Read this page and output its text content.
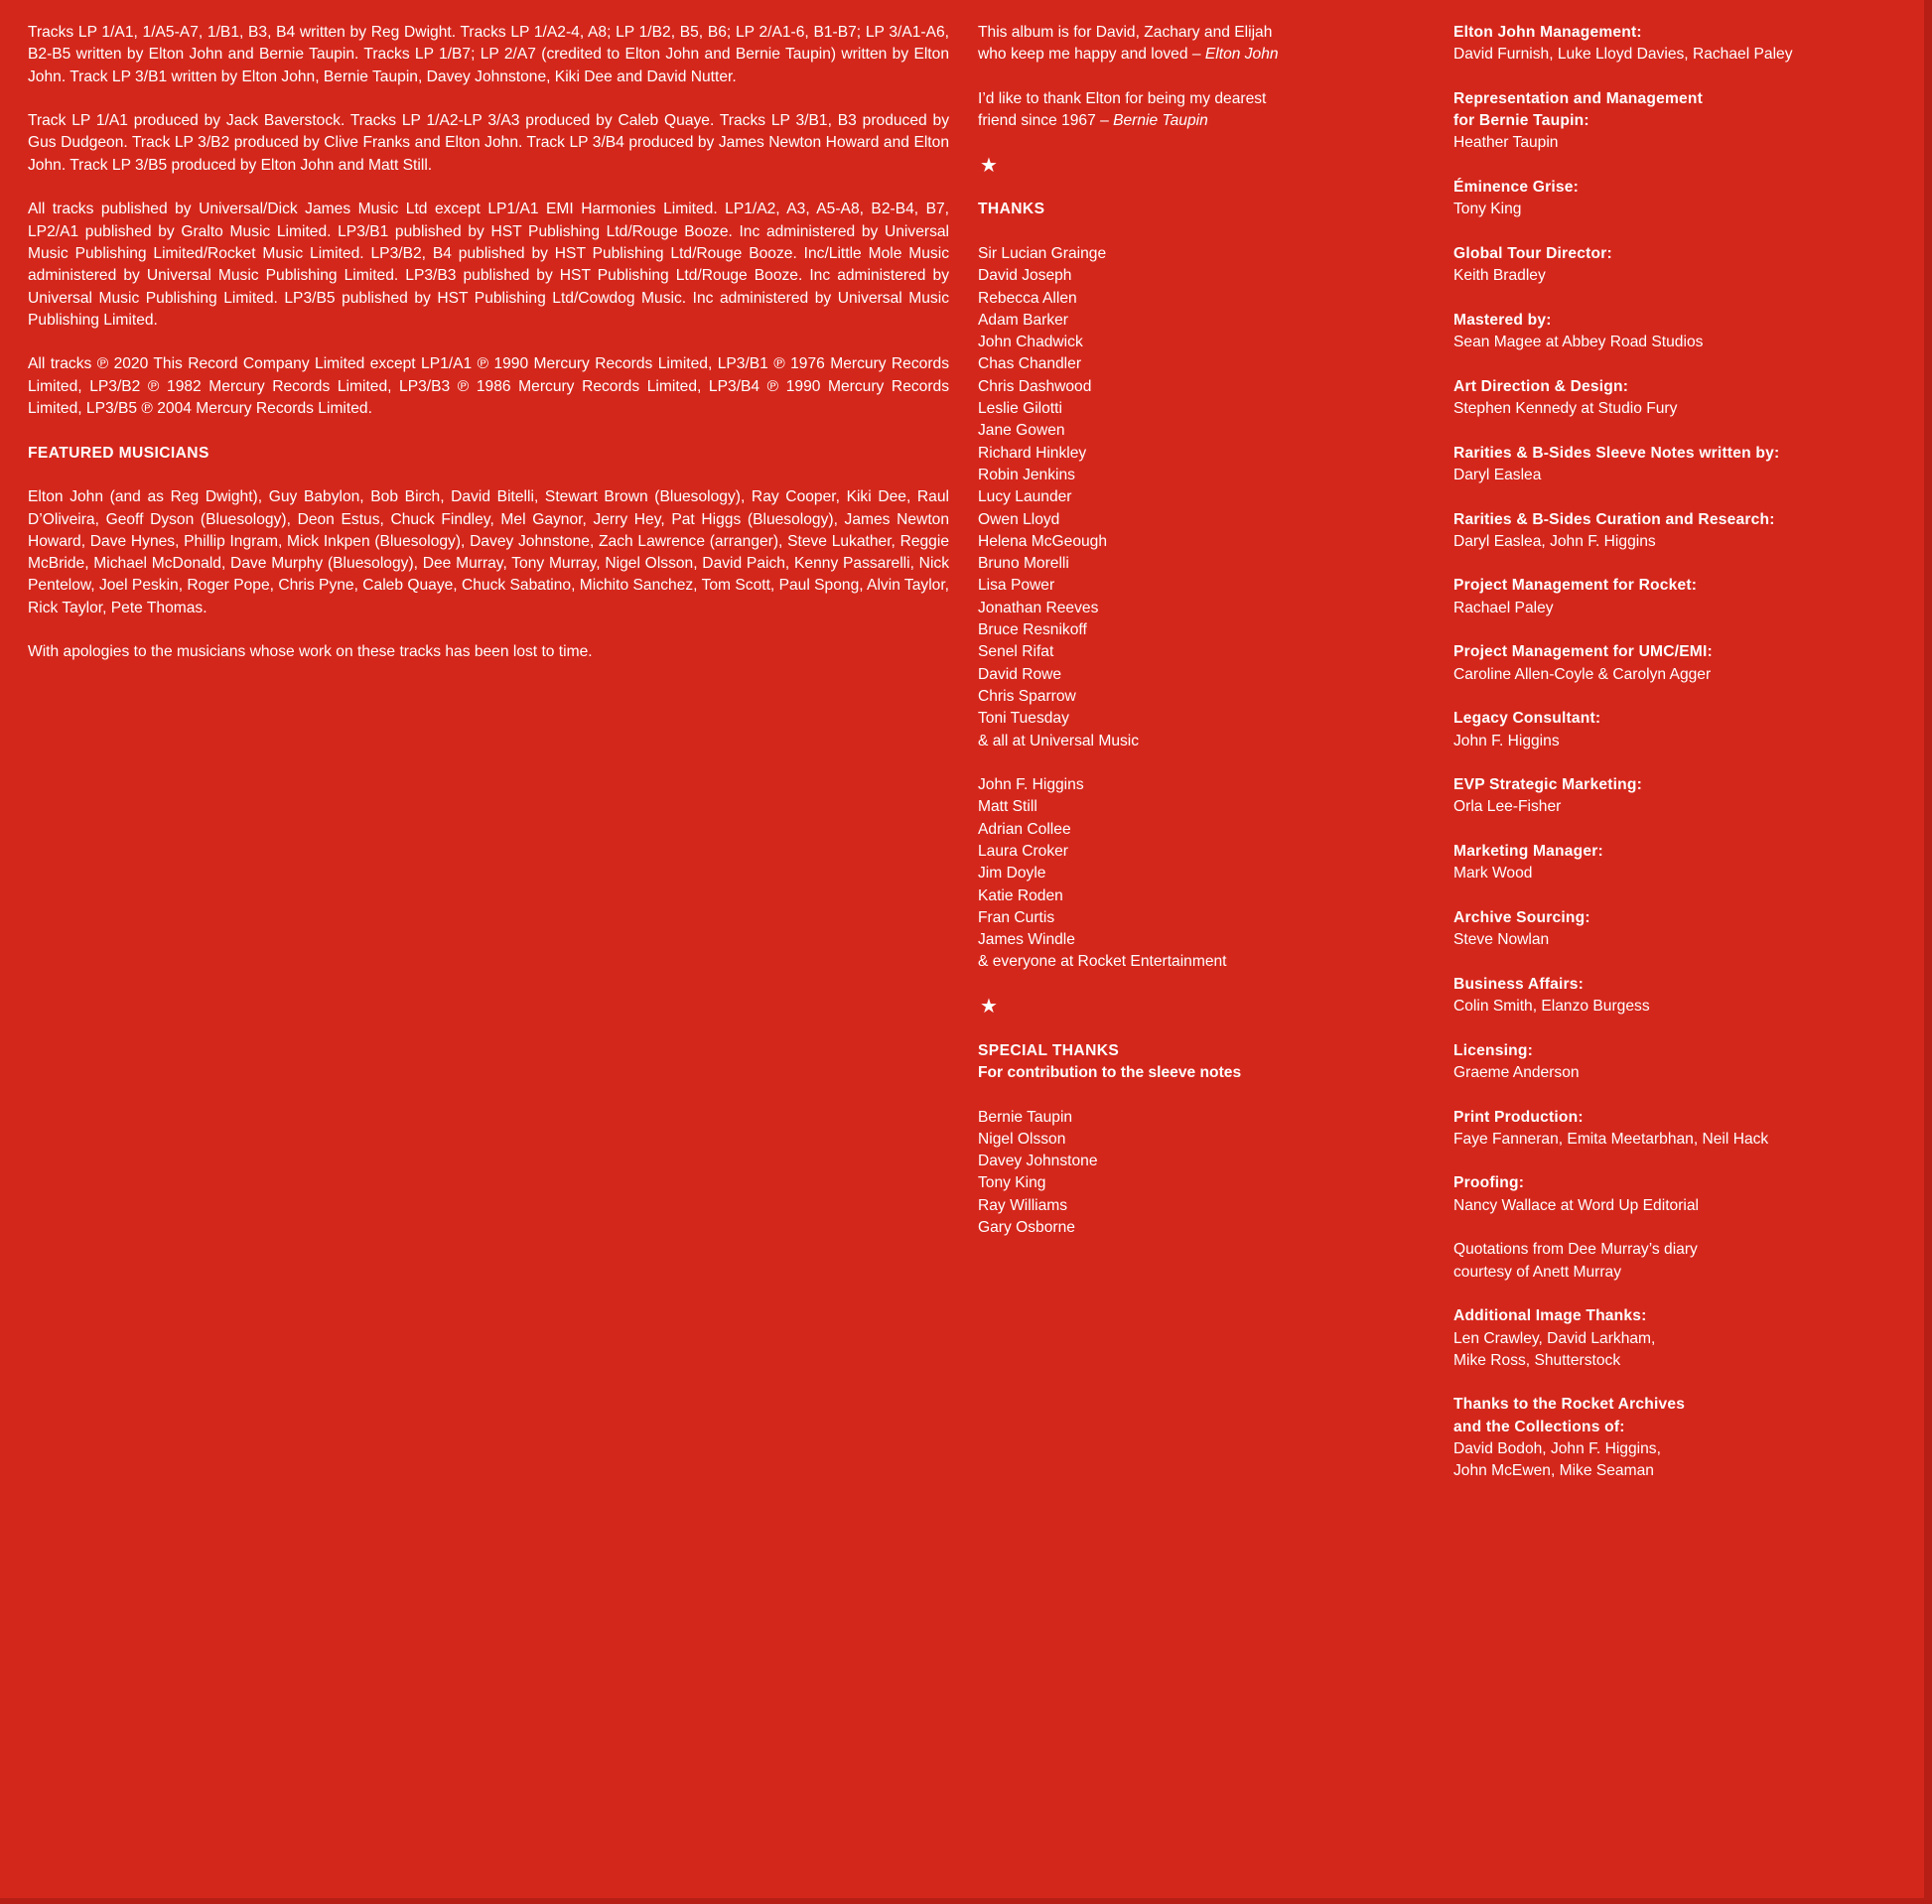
Tracks LP 1/A1, 1/A5-A7, 1/B1, B3, B4 written by Reg Dwight. Tracks LP 1/A2-4, A8; LP 1/B2, B5, B6; LP 2/A1-6, B1-B7; LP 3/A1-A6, B2-B5 written by Elton John and Bernie Taupin. Tracks LP 1/B7; LP 2/A7 (credited to Elton John and Bernie Taupin) written by Elton John. Track LP 3/B1 written by Elton John, Bernie Taupin, Davey Johnstone, Kiki Dee and David Nutter.

Track LP 1/A1 produced by Jack Baverstock. Tracks LP 1/A2-LP 3/A3 produced by Caleb Quaye. Tracks LP 3/B1, B3 produced by Gus Dudgeon. Track LP 3/B2 produced by Clive Franks and Elton John. Track LP 3/B4 produced by James Newton Howard and Elton John. Track LP 3/B5 produced by Elton John and Matt Still.

All tracks published by Universal/Dick James Music Ltd except LP1/A1 EMI Harmonies Limited. LP1/A2, A3, A5-A8, B2-B4, B7, LP2/A1 published by Gralto Music Limited. LP3/B1 published by HST Publishing Ltd/Rouge Booze. Inc administered by Universal Music Publishing Limited/Rocket Music Limited. LP3/B2, B4 published by HST Publishing Ltd/Rouge Booze. Inc/Little Mole Music administered by Universal Music Publishing Limited. LP3/B3 published by HST Publishing Ltd/Rouge Booze. Inc administered by Universal Music Publishing Limited. LP3/B5 published by HST Publishing Ltd/Cowdog Music. Inc administered by Universal Music Publishing Limited.

All tracks ℗ 2020 This Record Company Limited except LP1/A1 ℗ 1990 Mercury Records Limited, LP3/B1 ℗ 1976 Mercury Records Limited, LP3/B2 ℗ 1982 Mercury Records Limited, LP3/B3 ℗ 1986 Mercury Records Limited, LP3/B4 ℗ 1990 Mercury Records Limited, LP3/B5 ℗ 2004 Mercury Records Limited.

FEATURED MUSICIANS

Elton John (and as Reg Dwight), Guy Babylon, Bob Birch, David Bitelli, Stewart Brown (Bluesology), Ray Cooper, Kiki Dee, Raul D’Oliveira, Geoff Dyson (Bluesology), Deon Estus, Chuck Findley, Mel Gaynor, Jerry Hey, Pat Higgs (Bluesology), James Newton Howard, Dave Hynes, Phillip Ingram, Mick Inkpen (Bluesology), Davey Johnstone, Zach Lawrence (arranger), Steve Lukather, Reggie McBride, Michael McDonald, Dave Murphy (Bluesology), Dee Murray, Tony Murray, Nigel Olsson, David Paich, Kenny Passarelli, Nick Pentelow, Joel Peskin, Roger Pope, Chris Pyne, Caleb Quaye, Chuck Sabatino, Michito Sanchez, Tom Scott, Paul Spong, Alvin Taylor, Rick Taylor, Pete Thomas.

With apologies to the musicians whose work on these tracks has been lost to time.

This album is for David, Zachary and Elijah

who keep me happy and loved – Elton John

I’d like to thank Elton for being my dearest

friend since 1967 – Bernie Taupin

★

THANKS

Sir Lucian Grainge
David Joseph
Rebecca Allen
Adam Barker
John Chadwick
Chas Chandler
Chris Dashwood
Leslie Gilotti
Jane Gowen
Richard Hinkley
Robin Jenkins
Lucy Launder
Owen Lloyd
Helena McGeough
Bruno Morelli
Lisa Power
Jonathan Reeves
Bruce Resnikoff
Senel Rifat
David Rowe
Chris Sparrow
Toni Tuesday
& all at Universal Music
John F. Higgins
Matt Still
Adrian Collee
Laura Croker
Jim Doyle
Katie Roden
Fran Curtis
James Windle
& everyone at Rocket Entertainment
★

SPECIAL THANKS

For contribution to the sleeve notes

Bernie Taupin
Nigel Olsson
Davey Johnstone
Tony King
Ray Williams
Gary Osborne

Elton John Management:

David Furnish, Luke Lloyd Davies, Rachael Paley

Representation and Management

for Bernie Taupin:

Heather Taupin

Éminence Grise:

Tony King

Global Tour Director:

Keith Bradley

Mastered by:

Sean Magee at Abbey Road Studios

Art Direction & Design:

Stephen Kennedy at Studio Fury

Rarities & B-Sides Sleeve Notes written by:

Daryl Easlea

Rarities & B-Sides Curation and Research:

Daryl Easlea, John F. Higgins

Project Management for Rocket:

Rachael Paley

Project Management for UMC/EMI:

Caroline Allen-Coyle & Carolyn Agger

Legacy Consultant:

John F. Higgins

EVP Strategic Marketing:

Orla Lee-Fisher

Marketing Manager:

Mark Wood

Archive Sourcing:

Steve Nowlan

Business Affairs:

Colin Smith, Elanzo Burgess

Licensing:

Graeme Anderson

Print Production:

Faye Fanneran, Emita Meetarbhan, Neil Hack

Proofing:

Nancy Wallace at Word Up Editorial

Quotations from Dee Murray’s diary

courtesy of Anett Murray

Additional Image Thanks:

Len Crawley, David Larkham,

Mike Ross, Shutterstock

Thanks to the Rocket Archives

and the Collections of:

David Bodoh, John F. Higgins,

John McEwen, Mike Seaman
